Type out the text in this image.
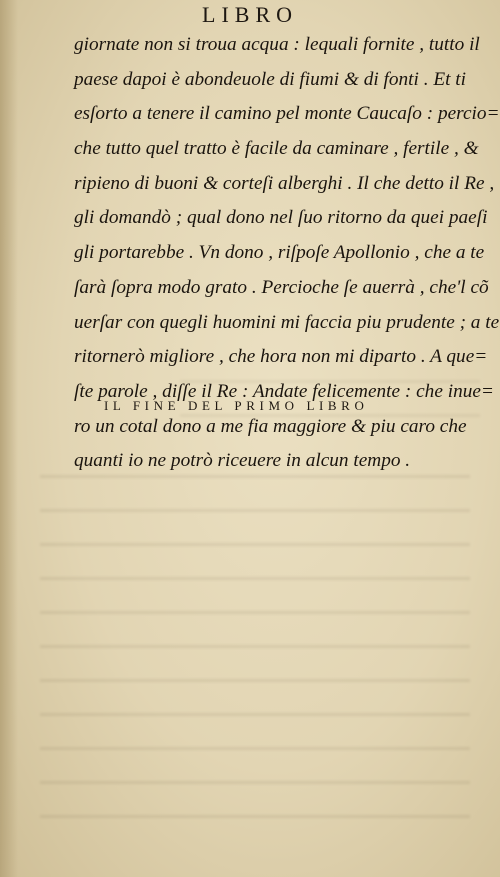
LIBRO
giornate non si troua acqua : lequali fornite , tutto il
paese dapoi è abondeuole di fiumi & di fonti . Et ti
esſorto a tenere il camino pel monte Caucaſo : percio=
che tutto quel tratto è facile da caminare , fertile , &
ripieno di buoni & corteſi alberghi . Il che detto il Re ,
gli domandò ; qual dono nel ſuo ritorno da quei paeſi
gli portarebbe . Vn dono , riſpoſe Apollonio , che a te
ſarà ſopra modo grato . Percioche ſe auerrà , che'l cõ
uerſar con quegli huomini mi faccia piu prudente ; a te
ritornerò migliore , che hora non mi diparto . A que=
ſte parole , diſſe il Re : Andate felicemente : che inue=
ro un cotal dono a me fia maggiore & piu caro che
quanti io ne potrò riceuere in alcun tempo .
IL FINE DEL PRIMO LIBRO
